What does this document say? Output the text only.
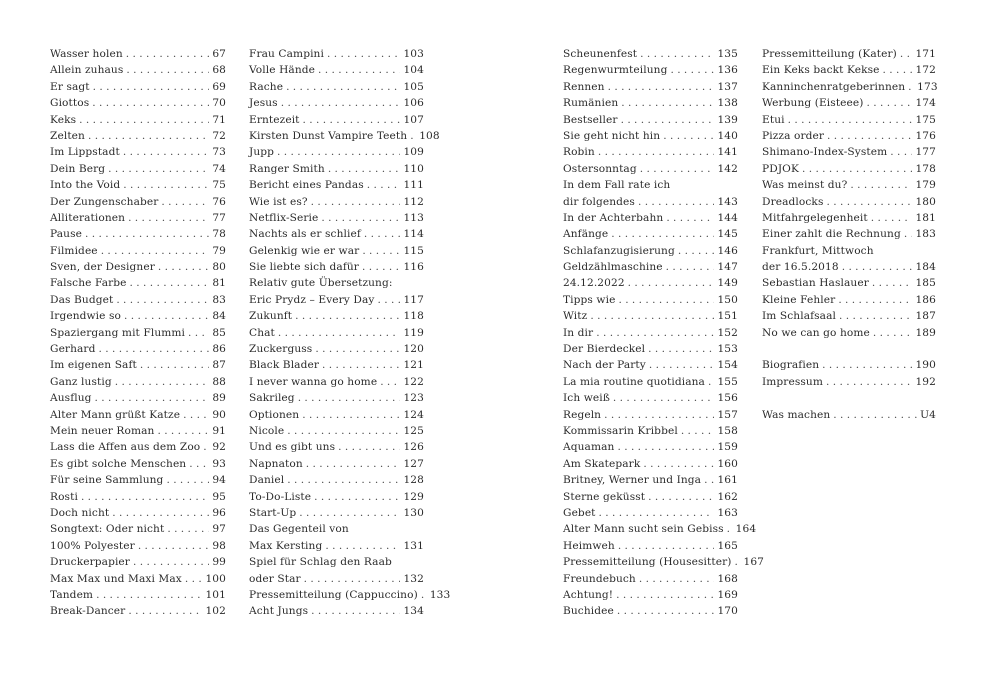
Wasser holen . . .	67
Allein zuhaus . . .	68
Er sagt . . .	69
Giottos . . .	70
Keks . . .	71
Zelten . . .	72
Im Lippstadt . . .	73
Dein Berg . . .	74
Into the Void . . .	75
Der Zungenschaber . . .	76
Alliterationen . . .	77
Pause . . .	78
Filmidee . . .	79
Sven, der Designer . . .	80
Falsche Farbe . . .	81
Das Budget . . .	83
Irgendwie so . . .	84
Spaziergang mit Flummi . . .	85
Gerhard . . .	86
Im eigenen Saft . . .	87
Ganz lustig . . .	88
Ausflug . . .	89
Alter Mann grüßt Katze . . .	90
Mein neuer Roman . . .	91
Lass die Affen aus dem Zoo . . . 92
Es gibt solche Menschen . . . 93
Für seine Sammlung . . .	94
Rosti . . .	95
Doch nicht . . .	96
Songtext: Oder nicht . . .	97
100% Polyester . . .	98
Druckerpapier . . .	99
Max Max und Maxi Max . . . 100
Tandem . . .	101
Break-Dancer . . .	102
Frau Campini . . .	103
Volle Hände . . .	104
Rache . . .	105
Jesus . . .	106
Erntezeit . . .	107
Kirsten Dunst Vampire Teeth . . . 108
Jupp . . .	109
Ranger Smith . . .	110
Bericht eines Pandas . . .	111
Wie ist es? . . .	112
Netflix-Serie . . .	113
Nachts als er schlief . . .	114
Gelenkig wie er war . . .	115
Sie liebte sich dafür . . .	116
Relativ gute Übersetzung:
Eric Prydz – Every Day . . .	117
Zukunft . . .	118
Chat . . .	119
Zuckerguss . . .	120
Black Blader . . .	121
I never wanna go home . . . 122
Sakrileg . . .	123
Optionen . . .	124
Nicole . . .	125
Und es gibt uns . . .	126
Napnaton . . .	127
Daniel . . .	128
To-Do-Liste . . .	129
Start-Up . . .	130
Das Gegenteil von
Max Kersting . . .	131
Spiel für Schlag den Raab
oder Star . . .	132
Pressemitteilung (Cappuccino) . . . 133
Acht Jungs . . .	134
Scheunenfest . . .	135
Regenwurmteilung . . .	136
Rennen . . .	137
Rumänien . . .	138
Bestseller . . .	139
Sie geht nicht hin . . .	140
Robin . . .	141
Ostersonntag . . .	142
In dem Fall rate ich
dir folgendes . . .	143
In der Achterbahn . . .	144
Anfänge . . .	145
Schlafanzugisierung . . .	146
Geldzählmaschine . . .	147
24.12.2022 . . .	149
Tipps wie . . .	150
Witz . . .	151
In dir . . .	152
Der Bierdeckel . . .	153
Nach der Party . . .	154
La mia routine quotidiana . . . 155
Ich weiß . . .	156
Regeln . . .	157
Kommissarin Kribbel . . .	158
Aquaman . . .	159
Am Skatepark . . .	160
Britney, Werner und Inga . . . 161
Sterne geküsst . . .	162
Gebet . . .	163
Alter Mann sucht sein Gebiss . . . 164
Heimweh . . .	165
Pressemitteilung (Housesitter) . . . 167
Freundebuch . . .	168
Achtung! . . .	169
Buchidee . . .	170
Pressemitteilung (Kater) . . . 171
Ein Keks backt Kekse . . .	172
Kanninchenratgeberinnen . . . 173
Werbung (Eisteee) . . .	174
Etui . . .	175
Pizza order . . .	176
Shimano-Index-System . . .	177
PDJOK . . .	178
Was meinst du? . . .	179
Dreadlocks . . .	180
Mitfahrgelegenheit . . .	181
Einer zahlt die Rechnung . . . 183
Frankfurt, Mittwoch
der 16.5.2018 . . .	184
Sebastian Haslauer . . .	185
Kleine Fehler . . .	186
Im Schlafsaal . . .	187
No we can go home . . .	189
Biografien . . .	190
Impressum . . .	192
Was machen . . .	U4
